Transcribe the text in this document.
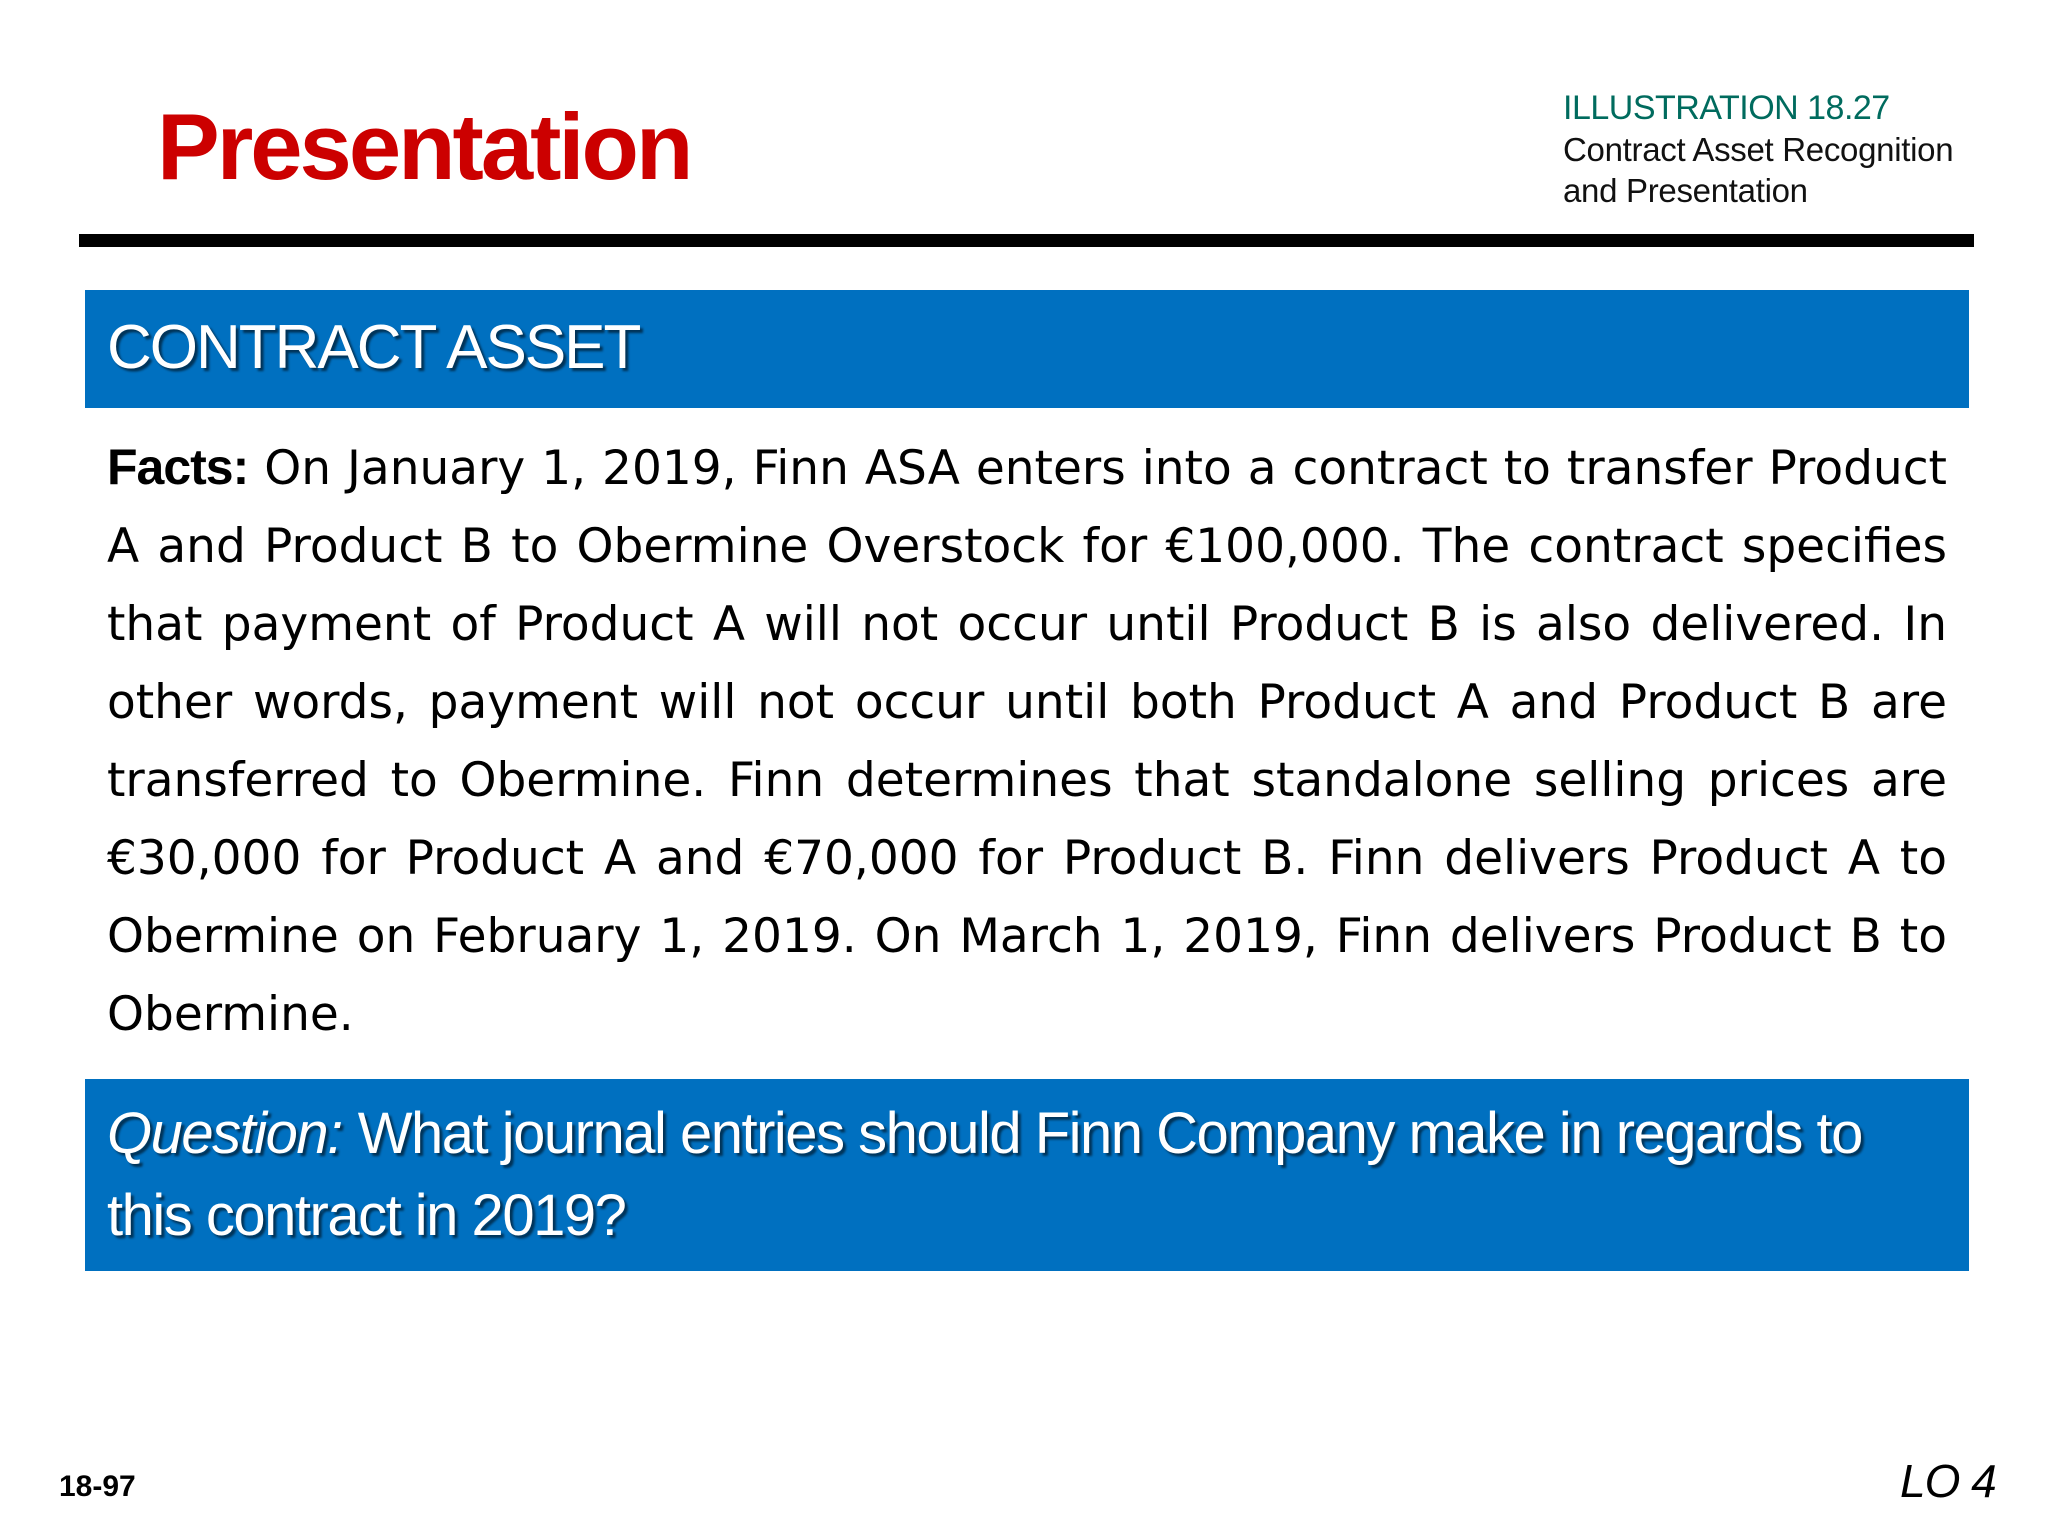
Presentation	ILLUSTRATION 18.27
Contract Asset Recognition
and Presentation
CONTRACT ASSET

Facts: On January 1, 2019, Finn ASA enters into a contract to transfer Product A and Product B to Obermine Overstock for €100,000. The contract specifies that payment of Product A will not occur until Product B is also delivered. In other words, payment will not occur until both Product A and Product B are transferred to Obermine. Finn determines that standalone selling prices are €30,000 for Product A and €70,000 for Product B. Finn delivers Product A to Obermine on February 1, 2019. On March 1, 2019, Finn delivers Product B to Obermine.

Question: What journal entries should Finn Company make in regards to this contract in 2019?

18-97	LO 4
